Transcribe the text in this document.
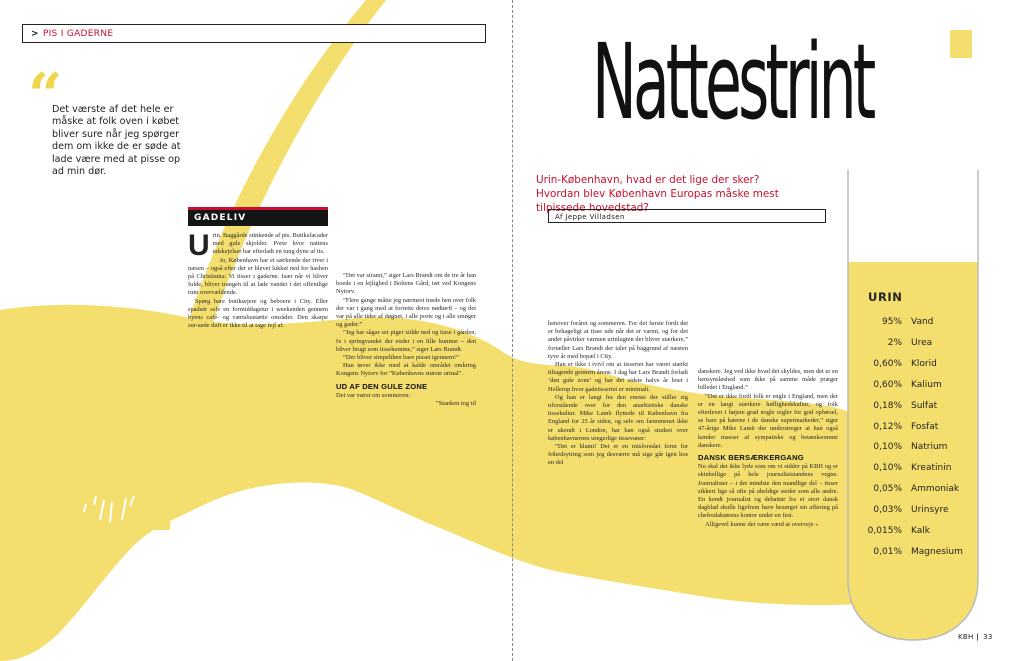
> PIS I GADERNE
“
Det værste af det hele er måske at folk oven i købet bliver sure når jeg spørger dem om ikke de er søde at lade være med at pisse op ad min dør.
GADELIV
U rin. Baggårde stinkende af pis. Butiksfacader med gule skjolder. Porte hvor nattens udskejelser har efterladt en tung dyne af tis.

Jo, København har et særkende der river i næsen – også efter der er blevet lukket ned for hashen på Christiania: Vi tisser i gaderne. Især når vi bliver fulde, bliver trangen til at lade vandet i det offentlige rum overvældende.

Spørg bare butiksejere og beboere i City. Eller spadsér selv en formiddagstur i weekenden gennem byens café- og værtshustætte områder. Den skarpe sur-søde duft er ikke til at tage fejl af.

”Det var stramt,” siger Lars Brandt om de tre år han boede i en lejlighed i Boltens Gård, tæt ved Kongens Nytorv.

”Flere gange måtte jeg nærmest træde hen over folk der var i gang med at forrette deres nødtørft – og det var på alle tider af døgnet, i alle porte og i alle smøger og gader.”

”Jeg har sågar set piger sidde ned og tisse i gården, fx i springvandet der ender i en lille kumme – den bliver brugt som tissekumme,” siger Lars Brandt.

”Der bliver simpelthen bare pisset igennem!”

Han tøver ikke med at kalde området omkring Kongens Nytorv for ”Københavns største urinal”.

UD AF DEN GULE ZONE

Det var værst om sommeren:

”Stanken tog til

Nattestrint
Urin-København, hvad er det lige der sker? Hvordan blev København Europas måske mest tilpissede hovedstad?
Af Jeppe Villadsen

henover foråret og sommeren. For det første fordi det er behageligt at tisse ude når det er varmt, og for det andet påvirker varmen urinlugten der bliver stærkere,” fortæller Lars Brandt der taler på baggrund af næsten tyve år med bopæl i City.

Han er ikke i tvivl om at tisseriet har været stærkt tiltagende gennem årene. I dag har Lars Brandt forladt ’den gule zone’ og har det sidste halve år boet i Hellerup hvor gadetisseriet er minimalt.

Og han er langt fra den eneste der stiller sig uforstående over for den anarkistiske danske tissekultur. Mike Lamb flyttede til København fra England for 25 år siden, og selv om fænomenet ikke er ukendt i London, har han også studset over københavnernes uregerlige tissevaner:

”Det er klamt! Det er en misforstået form for frihedsytring som jeg desværre må sige går igen hos en del

danskere. Jeg ved ikke hvad det skyldes, men det er en hensynsløshed som ikke på samme måde præger billedet i England.”

”Det er ikke fordi folk er engle i England, men der er en langt stærkere høflighedskultur, og folk efterlever i højere grad nogle regler for god opførsel, se bare på køerne i de danske supermarkeder,” siger 47-årige Mike Lamb der understreger at han også kender masser af sympatiske og betænksomme danskere.

DANSK BERSÆRKERGANG

Nu skal det ikke lyde som om vi sidder på KBH og er skinhellige på hele journaliststandens vegne. Journalister – i det mindste den mandlige del – tisser sikkert lige så ofte på uheldige steder som alle andre. En kendt journalist og debattør fra et stort dansk dagblad skulle ligefrem have besørget sin afføring på chefredaktørens kontor under en fest.

Alligevel kunne det være værd at overveje »

URIN
95% Vand
2% Urea
0,60% Klorid
0,60% Kalium
0,18% Sulfat
0,12% Fosfat
0,10% Natrium
0,10% Kreatinin
0,05% Ammoniak
0,03% Urinsyre
0,015% Kalk
0,01% Magnesium
KBH | 33
